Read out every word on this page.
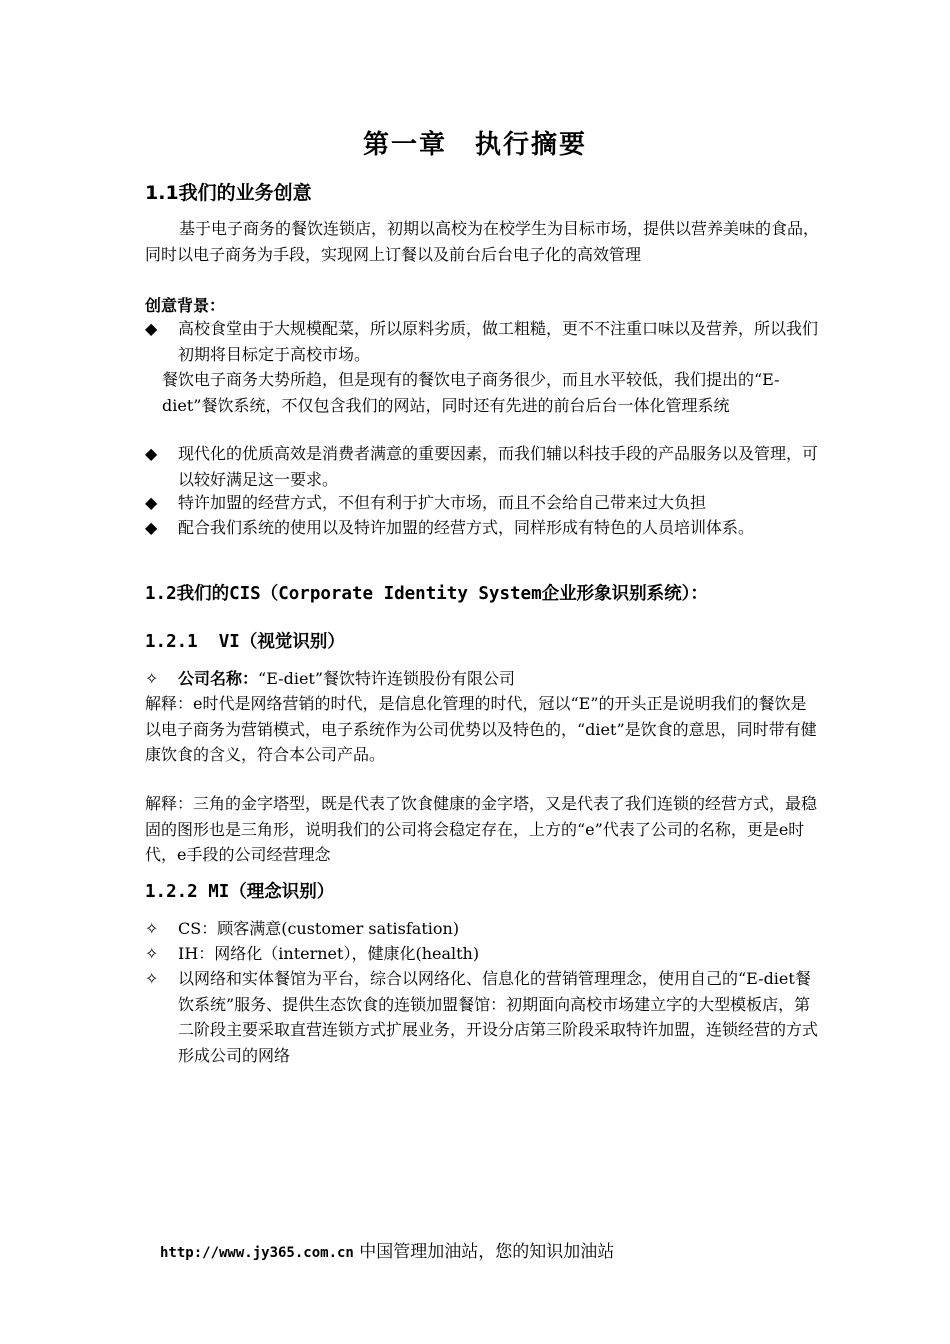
第一章　执行摘要
1.1我们的业务创意

基于电子商务的餐饮连锁店，初期以高校为在校学生为目标市场，提供以营养美味的食品，同时以电子商务为手段，实现网上订餐以及前台后台电子化的高效管理

创意背景：

◆	高校食堂由于大规模配菜，所以原料劣质，做工粗糙，更不不注重口味以及营养，所以我们初期将目标定于高校市场。
餐饮电子商务大势所趋，但是现有的餐饮电子商务很少，而且水平较低，我们提出的“E-diet”餐饮系统，不仅包含我们的网站，同时还有先进的前台后台一体化管理系统
◆	现代化的优质高效是消费者满意的重要因素，而我们辅以科技手段的产品服务以及管理，可以较好满足这一要求。
◆	特许加盟的经营方式，不但有利于扩大市场，而且不会给自己带来过大负担
◆	配合我们系统的使用以及特许加盟的经营方式，同样形成有特色的人员培训体系。
1.2我们的CIS（Corporate Identity System企业形象识别系统）：
1.2.1 VI（视觉识别）
✧	公司名称：“E-diet”餐饮特许连锁股份有限公司

解释：e时代是网络营销的时代，是信息化管理的时代，冠以“E”的开头正是说明我们的餐饮是以电子商务为营销模式，电子系统作为公司优势以及特色的，“diet”是饮食的意思，同时带有健康饮食的含义，符合本公司产品。

解释：三角的金字塔型，既是代表了饮食健康的金字塔，又是代表了我们连锁的经营方式，最稳固的图形也是三角形，说明我们的公司将会稳定存在，上方的“e”代表了公司的名称，更是e时代，e手段的公司经营理念

1.2.2 MI（理念识别）
✧	CS：顾客满意(customer satisfation)
✧	IH：网络化（internet），健康化(health)
✧	以网络和实体餐馆为平台，综合以网络化、信息化的营销管理理念，使用自己的“E-diet餐饮系统”服务、提供生态饮食的连锁加盟餐馆：初期面向高校市场建立字的大型模板店，第二阶段主要采取直营连锁方式扩展业务，开设分店第三阶段采取特许加盟，连锁经营的方式形成公司的网络
http://www.jy365.com.cn 中国管理加油站，您的知识加油站
